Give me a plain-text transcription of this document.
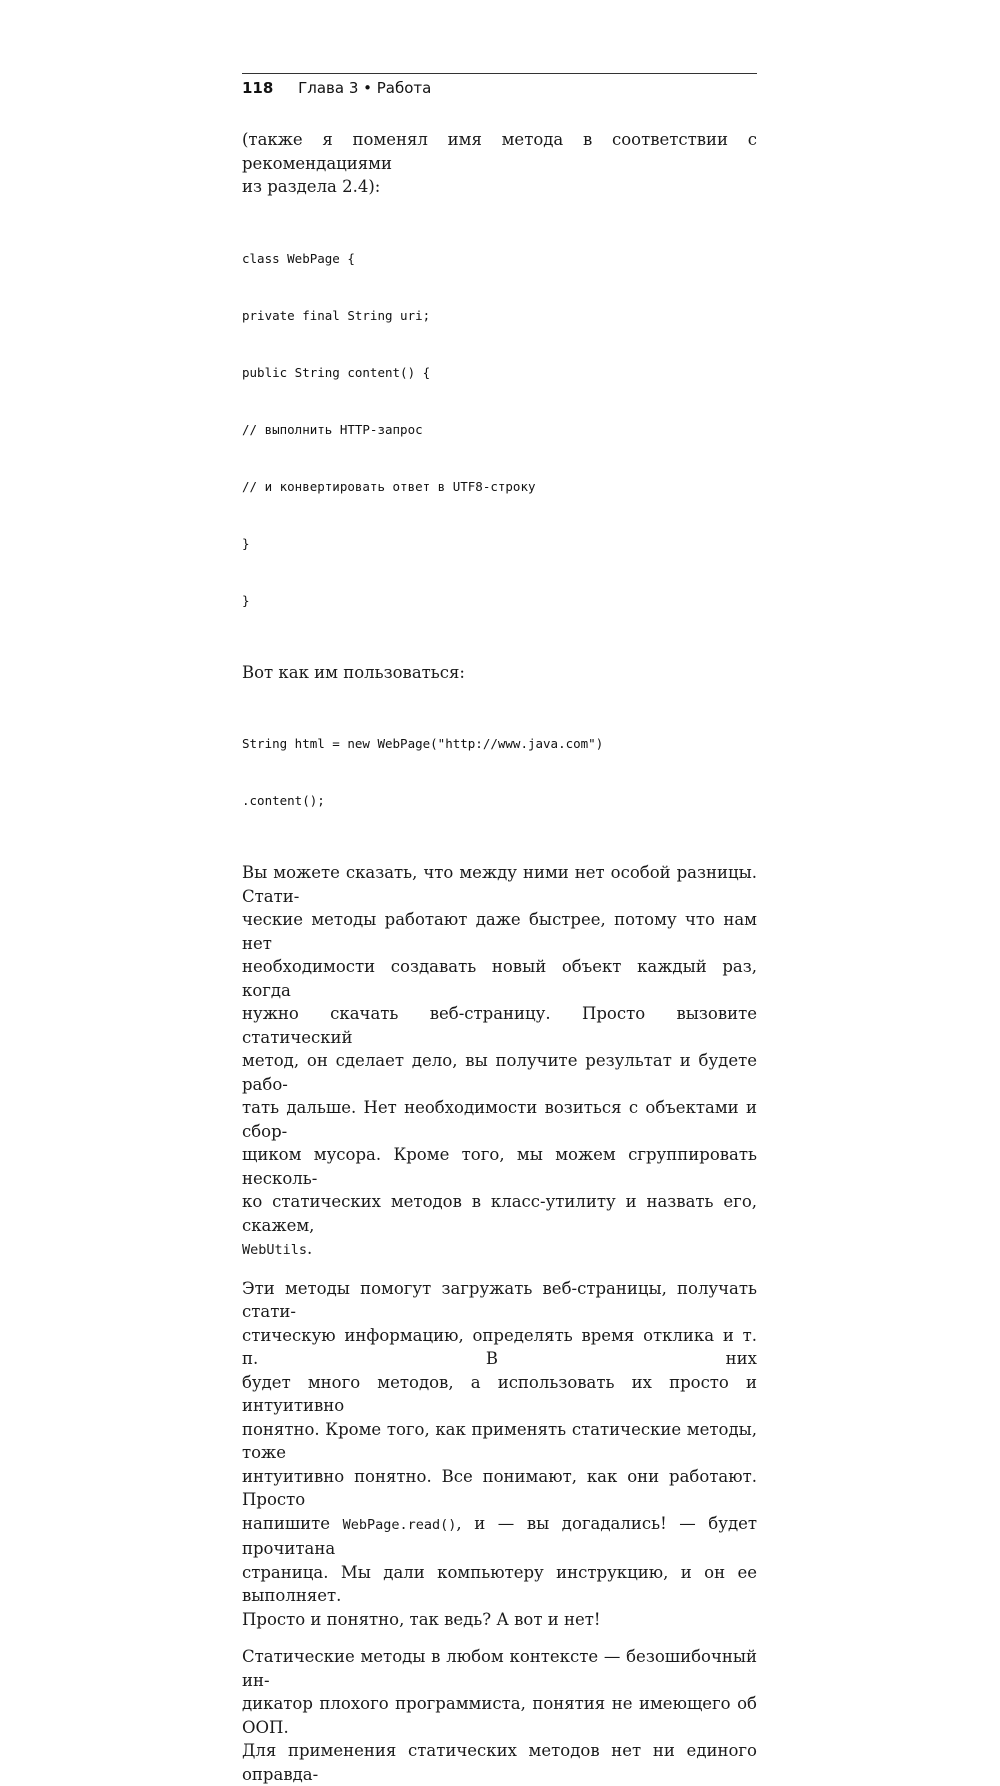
118 Глава 3 • Работа

(также я поменял имя метода в соответствии с рекомендациями
из раздела 2.4):

class WebPage {

private final String uri;

public String content() {

// выполнить HTTP-запрос

// и конвертировать ответ в UTF8-строку

}

}

Вот как им пользоваться:

String html = new WebPage("http://www.java.com")

.content();

Вы можете сказать, что между ними нет особой разницы. Стати-
ческие методы работают даже быстрее, потому что нам нет
необходимости создавать новый объект каждый раз, когда
нужно скачать веб-страницу. Просто вызовите статический
метод, он сделает дело, вы получите результат и будете рабо-
тать дальше. Нет необходимости возиться с объектами и сбор-
щиком мусора. Кроме того, мы можем сгруппировать несколь-
ко статических методов в класс-утилиту и назвать его, скажем,
WebUtils.

Эти методы помогут загружать веб-страницы, получать стати-
стическую информацию, определять время отклика и т. п. В них
будет много методов, а использовать их просто и интуитивно
понятно. Кроме того, как применять статические методы, тоже
интуитивно понятно. Все понимают, как они работают. Просто
напишите WebPage.read(), и — вы догадались! — будет прочитана
страница. Мы дали компьютеру инструкцию, и он ее выполняет.
Просто и понятно, так ведь? А вот и нет!

Статические методы в любом контексте — безошибочный ин-
дикатор плохого программиста, понятия не имеющего об ООП.
Для применения статических методов нет ни единого оправда-
